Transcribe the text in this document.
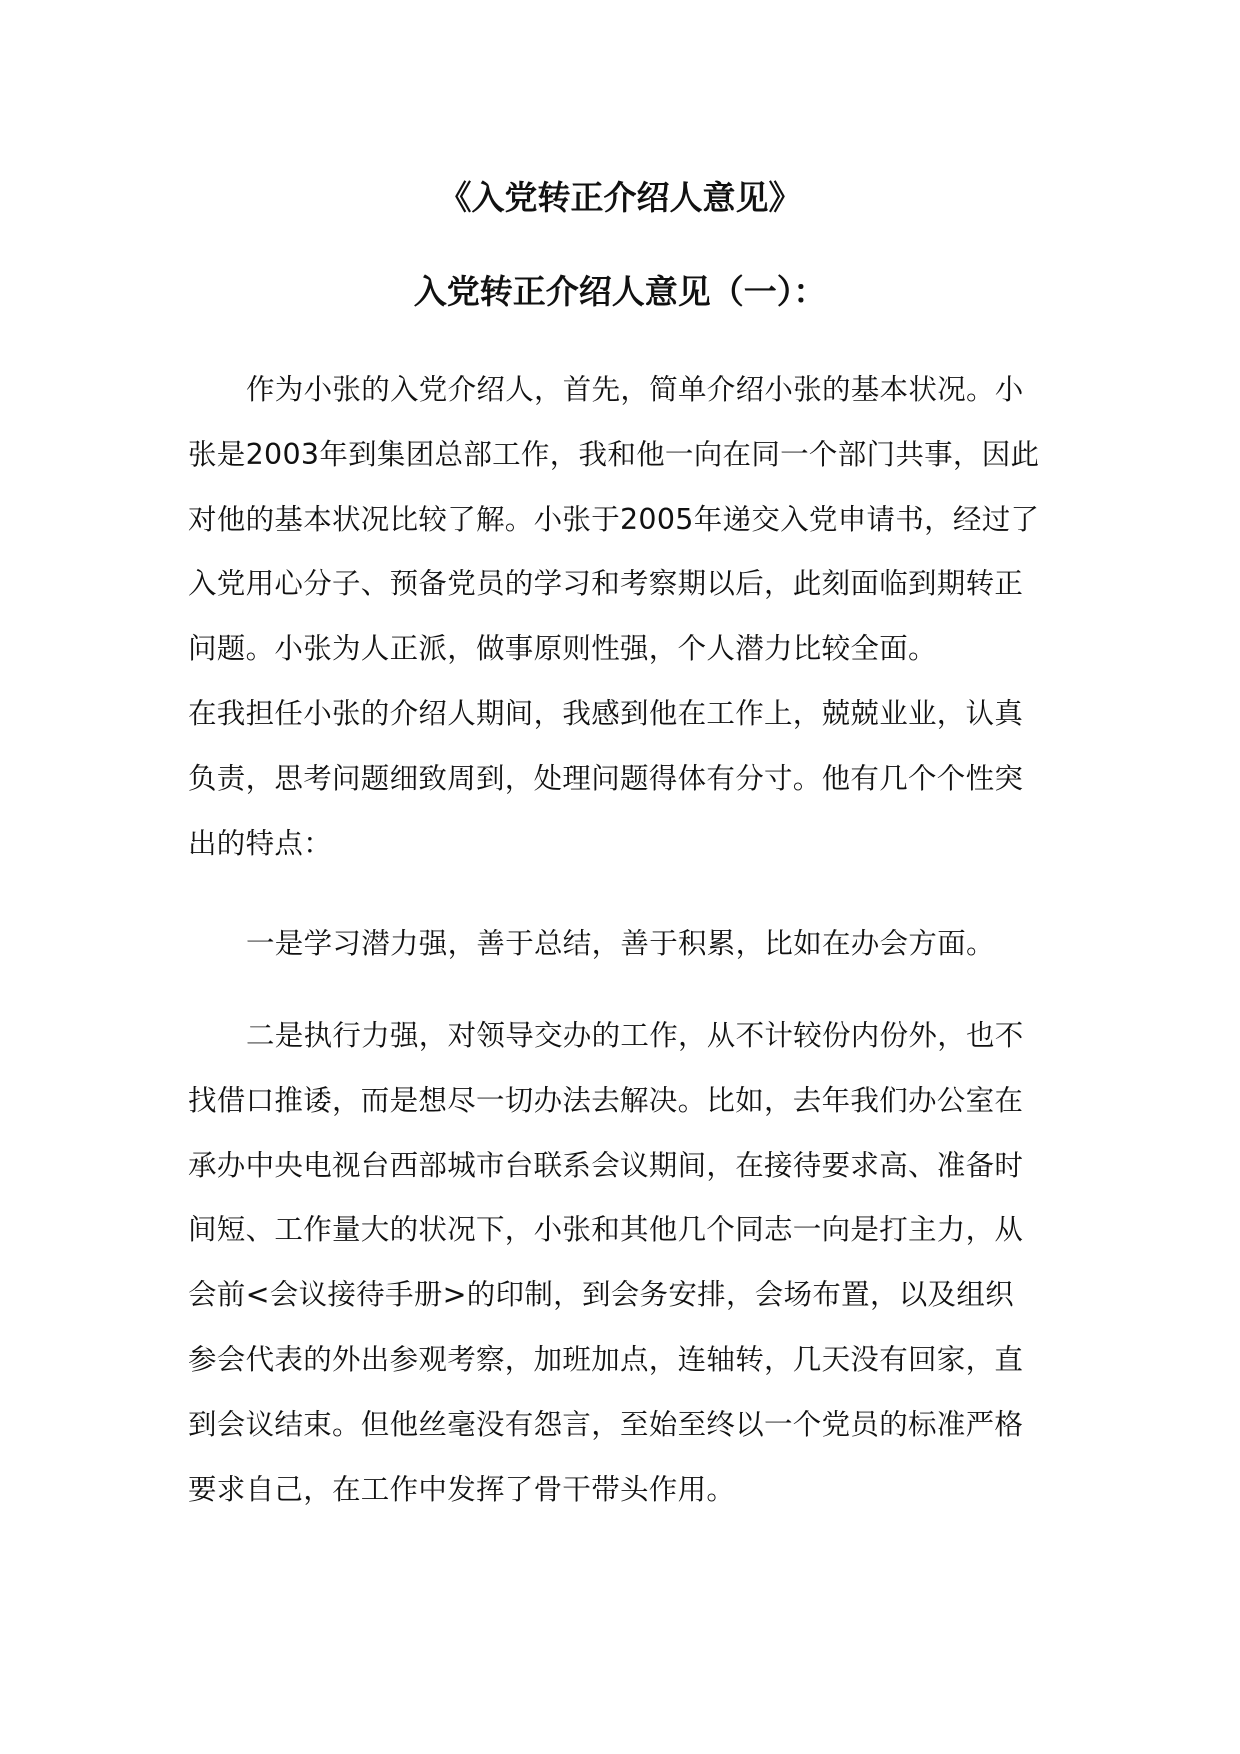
《入党转正介绍人意见》
入党转正介绍人意见（一）：

作为小张的入党介绍人，首先，简单介绍小张的基本状况。小张是2003年到集团总部工作，我和他一向在同一个部门共事，因此对他的基本状况比较了解。小张于2005年递交入党申请书，经过了入党用心分子、预备党员的学习和考察期以后，此刻面临到期转正问题。小张为人正派，做事原则性强，个人潜力比较全面。

在我担任小张的介绍人期间，我感到他在工作上，兢兢业业，认真负责，思考问题细致周到，处理问题得体有分寸。他有几个个性突出的特点：

一是学习潜力强，善于总结，善于积累，比如在办会方面。

二是执行力强，对领导交办的工作，从不计较份内份外，也不找借口推诿，而是想尽一切办法去解决。比如，去年我们办公室在承办中央电视台西部城市台联系会议期间，在接待要求高、准备时间短、工作量大的状况下，小张和其他几个同志一向是打主力，从会前<会议接待手册>的印制，到会务安排，会场布置，以及组织参会代表的外出参观考察，加班加点，连轴转，几天没有回家，直到会议结束。但他丝毫没有怨言，至始至终以一个党员的标准严格要求自己，在工作中发挥了骨干带头作用。
